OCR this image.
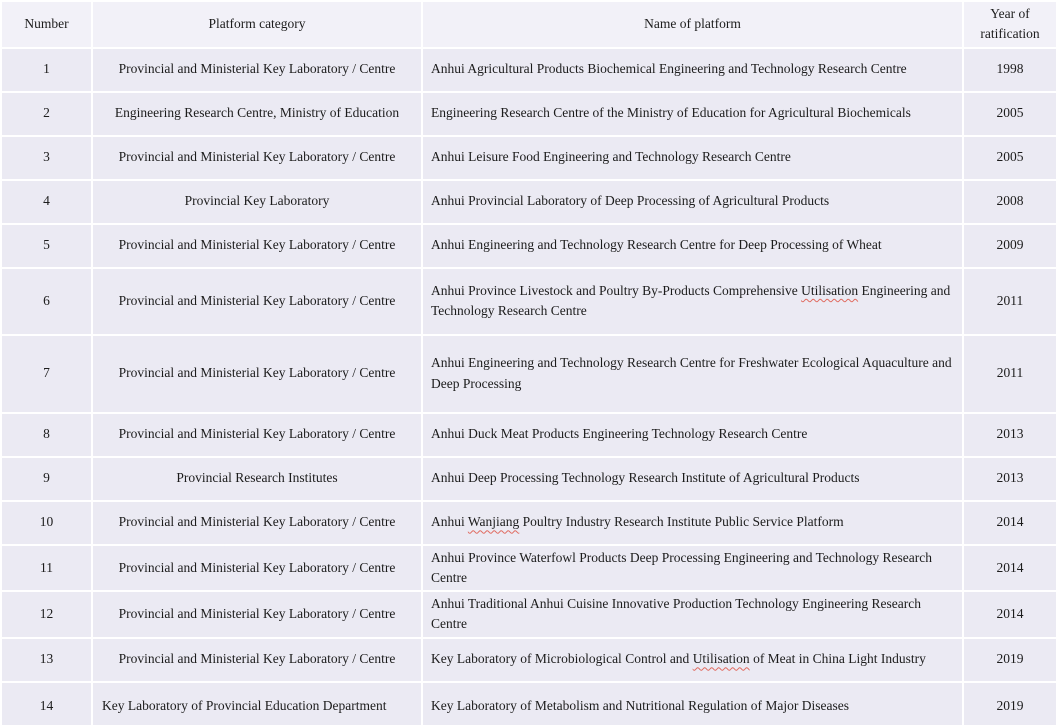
Number	Platform category	Name of platform	Year of ratification
1	Provincial and Ministerial Key Laboratory / Centre	Anhui Agricultural Products Biochemical Engineering and Technology Research Centre	1998
2	Engineering Research Centre, Ministry of Education	Engineering Research Centre of the Ministry of Education for Agricultural Biochemicals	2005
3	Provincial and Ministerial Key Laboratory / Centre	Anhui Leisure Food Engineering and Technology Research Centre	2005
4	Provincial Key Laboratory	Anhui Provincial Laboratory of Deep Processing of Agricultural Products	2008
5	Provincial and Ministerial Key Laboratory / Centre	Anhui Engineering and Technology Research Centre for Deep Processing of Wheat	2009
6	Provincial and Ministerial Key Laboratory / Centre	Anhui Province Livestock and Poultry By-Products Comprehensive Utilisation Engineering and Technology Research Centre	2011
7	Provincial and Ministerial Key Laboratory / Centre	Anhui Engineering and Technology Research Centre for Freshwater Ecological Aquaculture and Deep Processing	2011
8	Provincial and Ministerial Key Laboratory / Centre	Anhui Duck Meat Products Engineering Technology Research Centre	2013
9	Provincial Research Institutes	Anhui Deep Processing Technology Research Institute of Agricultural Products	2013
10	Provincial and Ministerial Key Laboratory / Centre	Anhui Wanjiang Poultry Industry Research Institute Public Service Platform	2014
11	Provincial and Ministerial Key Laboratory / Centre	Anhui Province Waterfowl Products Deep Processing Engineering and Technology Research Centre	2014
12	Provincial and Ministerial Key Laboratory / Centre	Anhui Traditional Anhui Cuisine Innovative Production Technology Engineering Research Centre	2014
13	Provincial and Ministerial Key Laboratory / Centre	Key Laboratory of Microbiological Control and Utilisation of Meat in China Light Industry	2019
14	Key Laboratory of Provincial Education Department	Key Laboratory of Metabolism and Nutritional Regulation of Major Diseases	2019
